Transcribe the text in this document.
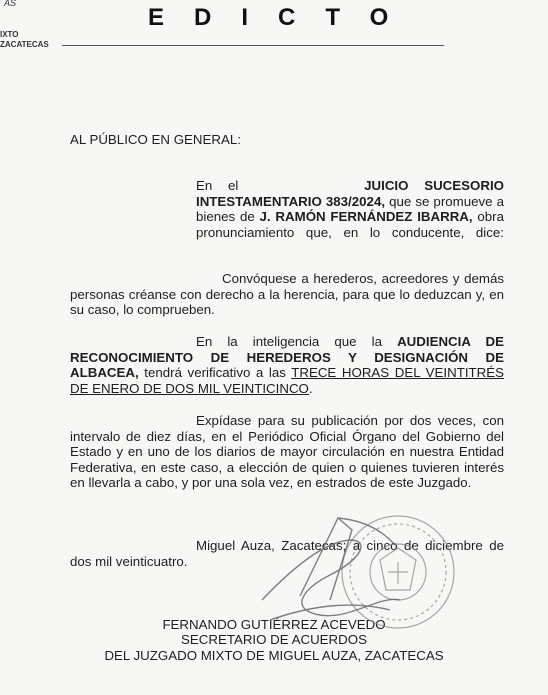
AS
IXTO
ZACATECAS
EDICTO
AL PÚBLICO EN GENERAL:
En el	JUICIO SUCESORIO INTESTAMENTARIO 383/2024, que se promueve a bienes de J. RAMÓN FERNÁNDEZ IBARRA, obra pronunciamiento que, en lo conducente, dice:
Convóquese a herederos, acreedores y demás personas créanse con derecho a la herencia, para que lo deduzcan y, en su caso, lo comprueben.
En la inteligencia que la AUDIENCIA DE RECONOCIMIENTO DE HEREDEROS Y DESIGNACIÓN DE ALBACEA, tendrá verificativo a las TRECE HORAS DEL VEINTITRÉS DE ENERO DE DOS MIL VEINTICINCO.
Expídase para su publicación por dos veces, con intervalo de diez días, en el Periódico Oficial Órgano del Gobierno del Estado y en uno de los diarios de mayor circulación en nuestra Entidad Federativa, en este caso, a elección de quien o quienes tuvieren interés en llevarla a cabo, y por una sola vez, en estrados de este Juzgado.
Miguel Auza, Zacatecas; a cinco de diciembre de dos mil veinticuatro.
FERNANDO GUTIÉRREZ ACEVEDO
SECRETARIO DE ACUERDOS
DEL JUZGADO MIXTO DE MIGUEL AUZA, ZACATECAS
